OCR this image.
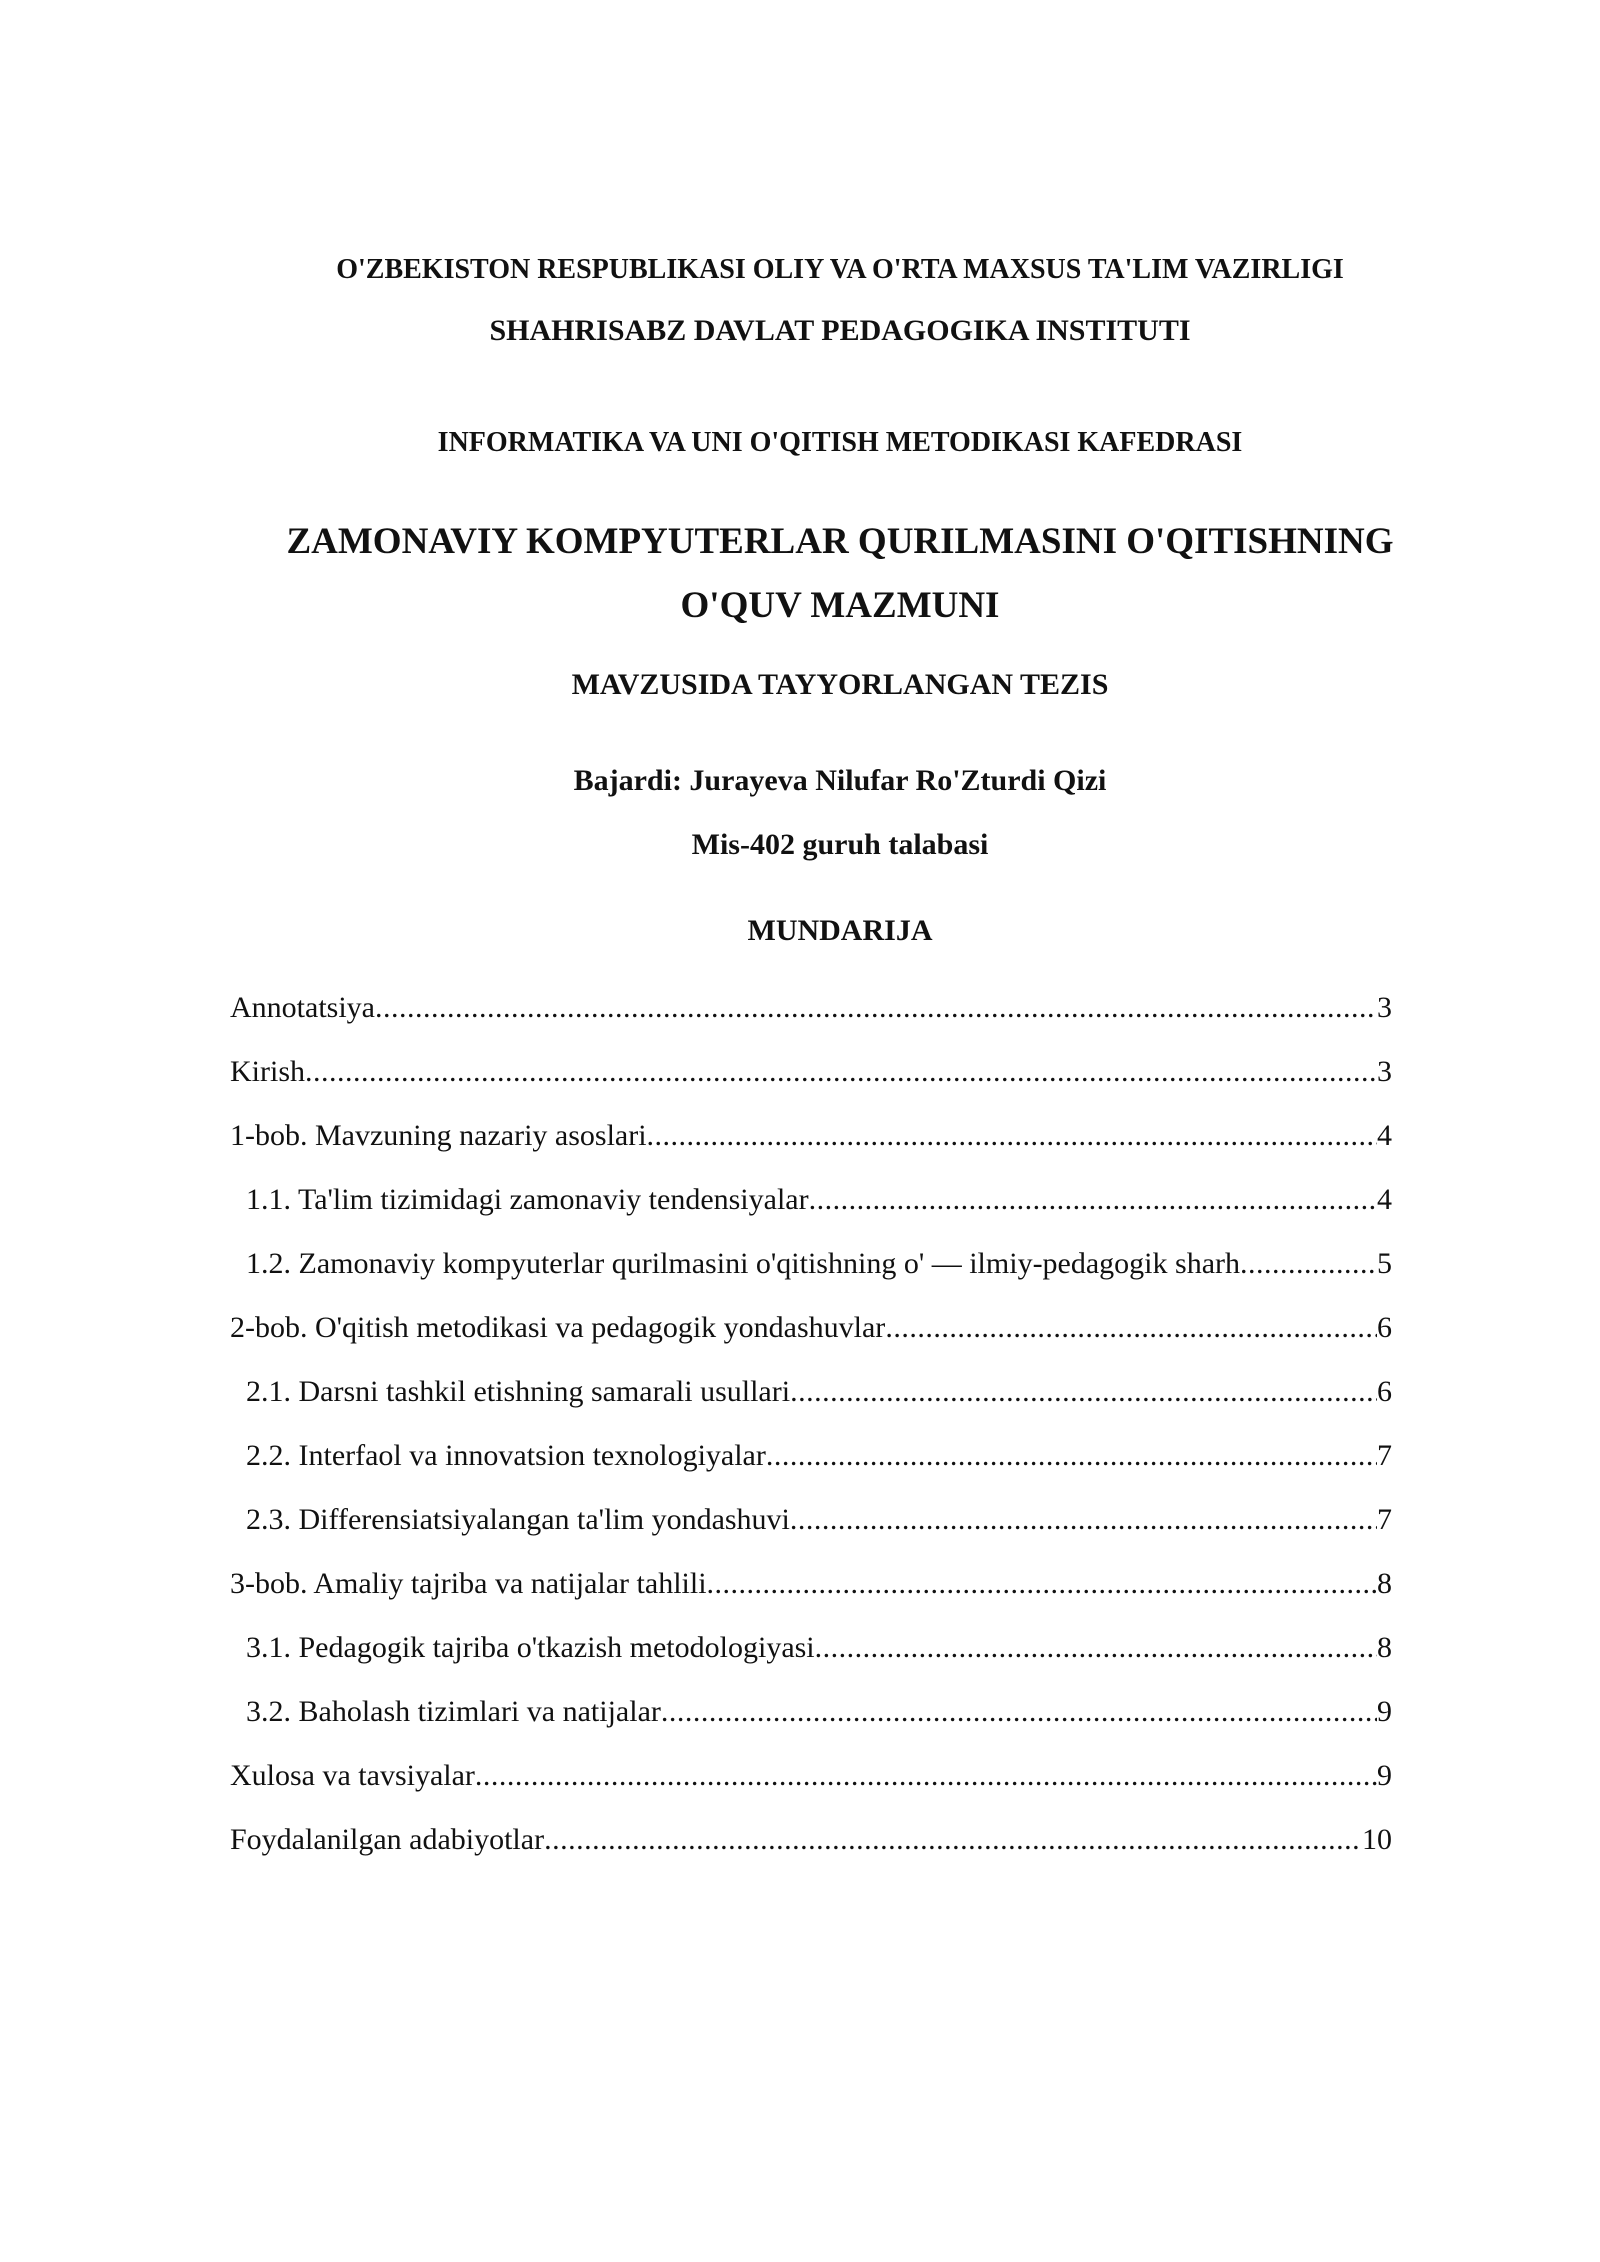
O'ZBEKISTON RESPUBLIKASI OLIY VA O'RTA MAXSUS TA'LIM VAZIRLIGI
SHAHRISABZ DAVLAT PEDAGOGIKA INSTITUTI
INFORMATIKA VA UNI O'QITISH METODIKASI KAFEDRASI
ZAMONAVIY KOMPYUTERLAR QURILMASINI O'QITISHNING
O'QUV MAZMUNI
MAVZUSIDA TAYYORLANGAN TEZIS
Bajardi: Jurayeva Nilufar Ro'Zturdi Qizi
Mis-402 guruh talabasi
MUNDARIJA
Annotatsiya .....	3
Kirish .....	3
1-bob. Mavzuning nazariy asoslari .....	4
1.1. Ta'lim tizimidagi zamonaviy tendensiyalar .....	4
1.2. Zamonaviy kompyuterlar qurilmasini o'qitishning o' — ilmiy-pedagogik sharh .....	5
2-bob. O'qitish metodikasi va pedagogik yondashuvlar .....	6
2.1. Darsni tashkil etishning samarali usullari .....	6
2.2. Interfaol va innovatsion texnologiyalar .....	7
2.3. Differensiatsiyalangan ta'lim yondashuvi .....	7
3-bob. Amaliy tajriba va natijalar tahlili .....	8
3.1. Pedagogik tajriba o'tkazish metodologiyasi .....	8
3.2. Baholash tizimlari va natijalar .....	9
Xulosa va tavsiyalar .....	9
Foydalanilgan adabiyotlar .....	10
